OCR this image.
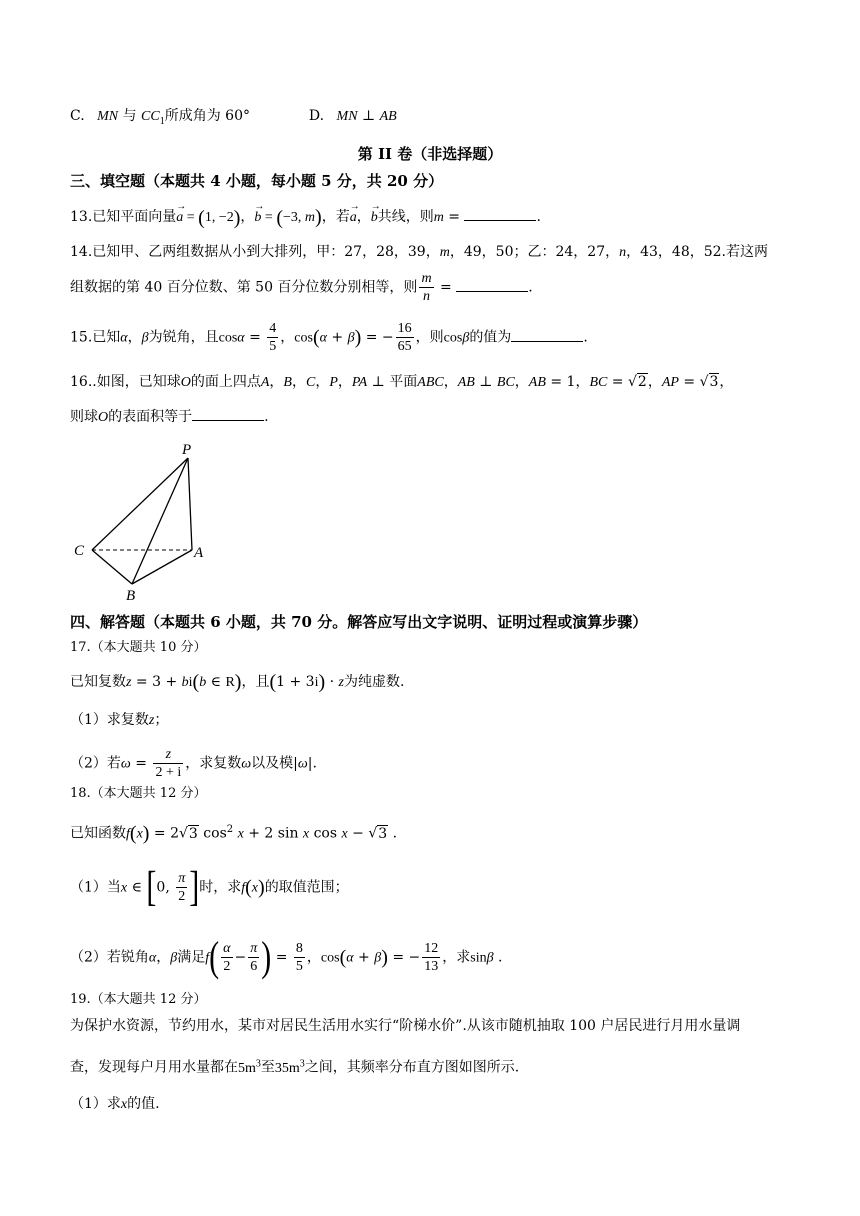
C. MN 与 $CC_1$所成角为 60°	D. MN ⊥ AB
第 II 卷（非选择题）
三、填空题（本题共 4 小题，每小题 5 分，共 20 分）
13.已知平面向量→ a = (1, −2)，→ b = (−3, m)，若→ a，→ b共线，则m =	.
14.已知甲、乙两组数据从小到大排列，甲：27，28，39，m，49，50；乙：24，27，n，43，48，52.若这两
组数据的第 40 百分位数、第 50 百分位数分别相等，则 $\frac{m}{n}$ =	.
15.已知α，β为锐角，且$\cos\alpha = \frac{4}{5}$ ，cos(α + β) = − $\frac{16}{65}$ ，则cosβ的值为	.
16..如图，已知球O的面上四点A，B，C，P，PA ⊥ 平面ABC，AB ⊥ BC，AB = 1，BC = √2，AP = √3，
则球O的表面积等于	.
P
C	A
B
四、解答题（本题共 6 小题，共 70 分。解答应写出文字说明、证明过程或演算步骤）
17.（本大题共 10 分）
已知复数z = 3 + bi(b ∈ R)，且(1 + 3i) · z为纯虚数.
（1）求复数z；
（2）若$\omega = \frac{z}{2 + i}$ ，求复数ω以及模|ω|.
18.（本大题共 12 分）
已知函数f(x) = 2√3 $\cos^2 x + 2$ sin x cos x − √3 .
（1）当x ∈ [0, $\frac{\pi}{2}$ ]时，求f(x)的取值范围；
（2）若锐角α，β满足$f( \frac{\alpha}{2} - \frac{\pi}{6}$ ) = $\frac{8}{5}$ ，cos(α + β) = − $\frac{12}{13}$ ，求sinβ .
19.（本大题共 12 分）
为保护水资源，节约用水，某市对居民生活用水实行“阶梯水价”.从该市随机抽取 100 户居民进行月用水量调
查，发现每户月用水量都在$5m^3$至$35m^3$之间，其频率分布直方图如图所示.
（1）求x的值.
